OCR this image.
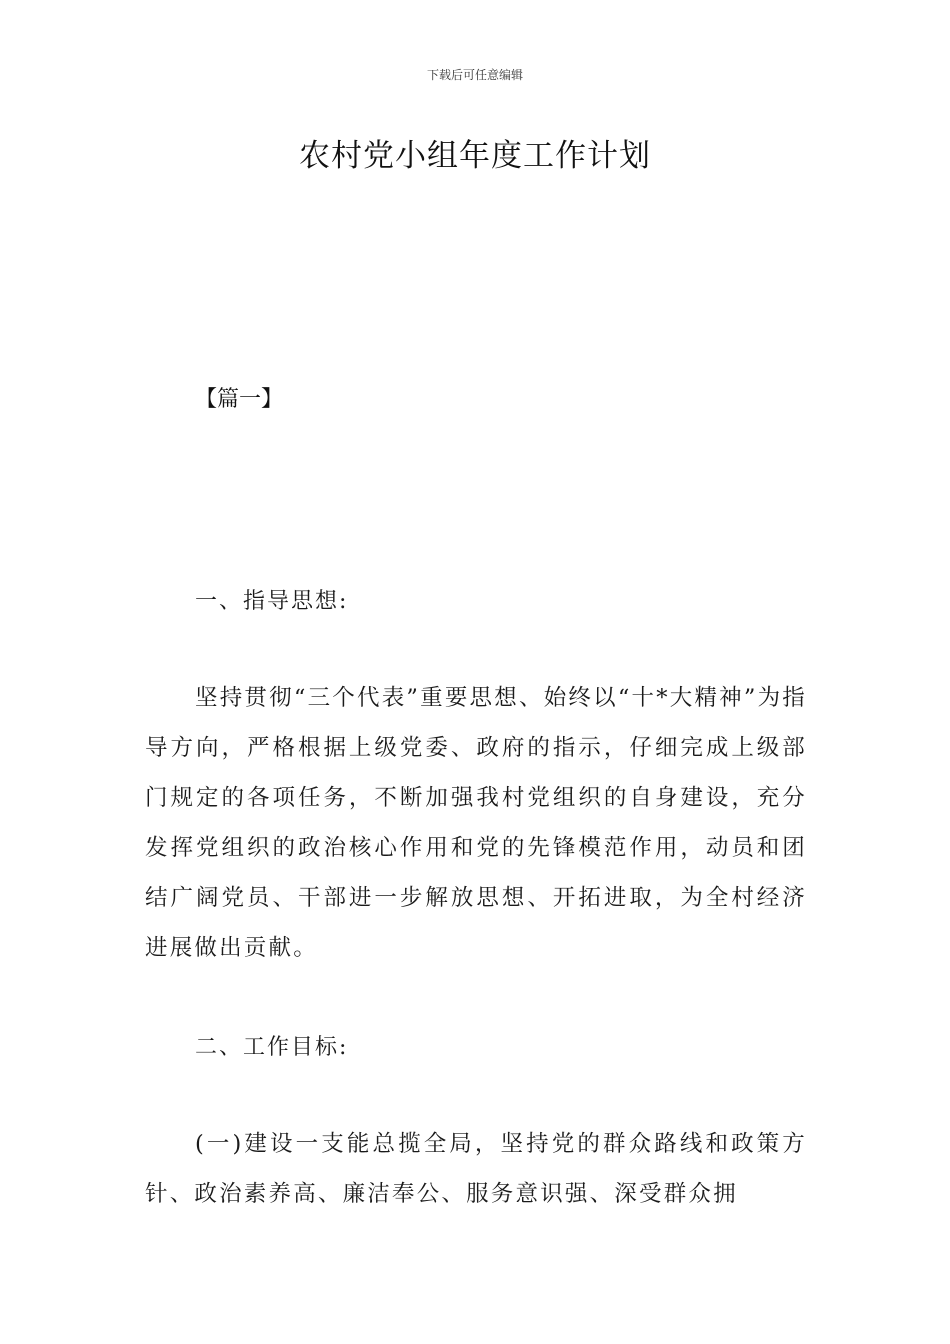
下载后可任意编辑
农村党小组年度工作计划
【篇一】
一、指导思想:

坚持贯彻“三个代表”重要思想、始终以“十*大精神”为指导方向，严格根据上级党委、政府的指示，仔细完成上级部门规定的各项任务，不断加强我村党组织的自身建设，充分发挥党组织的政治核心作用和党的先锋模范作用，动员和团结广阔党员、干部进一步解放思想、开拓进取，为全村经济进展做出贡献。

二、工作目标:

(一)建设一支能总揽全局，坚持党的群众路线和政策方针、政治素养高、廉洁奉公、服务意识强、深受群众拥
